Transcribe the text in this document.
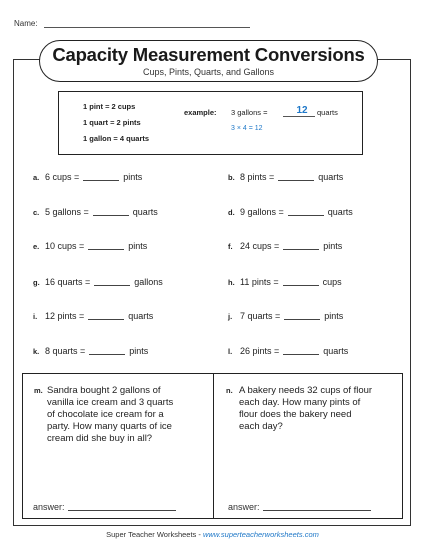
Name:
Capacity Measurement Conversions
Cups, Pints, Quarts, and Gallons
1 pint = 2 cups
1 quart = 2 pints
1 gallon = 4 quarts
example: 3 gallons =	12	quarts
3 × 4 = 12
a. 6 cups =	pints	b. 8 pints =	quarts
c. 5 gallons =	quarts	d. 9 gallons =	quarts
e. 10 cups =	pints	f. 24 cups =	pints
g. 16 quarts =	gallons	h. 11 pints =	cups
i. 12 pints =	quarts	j. 7 quarts =	pints
k. 8 quarts =	pints	l. 26 pints =	quarts
m. Sandra bought 2 gallons of
vanilla ice cream and 3 quarts
of chocolate ice cream for a
party. How many quarts of ice
cream did she buy in all?
answer:
n. A bakery needs 32 cups of flour
each day. How many pints of
flour does the bakery need
each day?
answer:
Super Teacher Worksheets - www.superteacherworksheets.com
